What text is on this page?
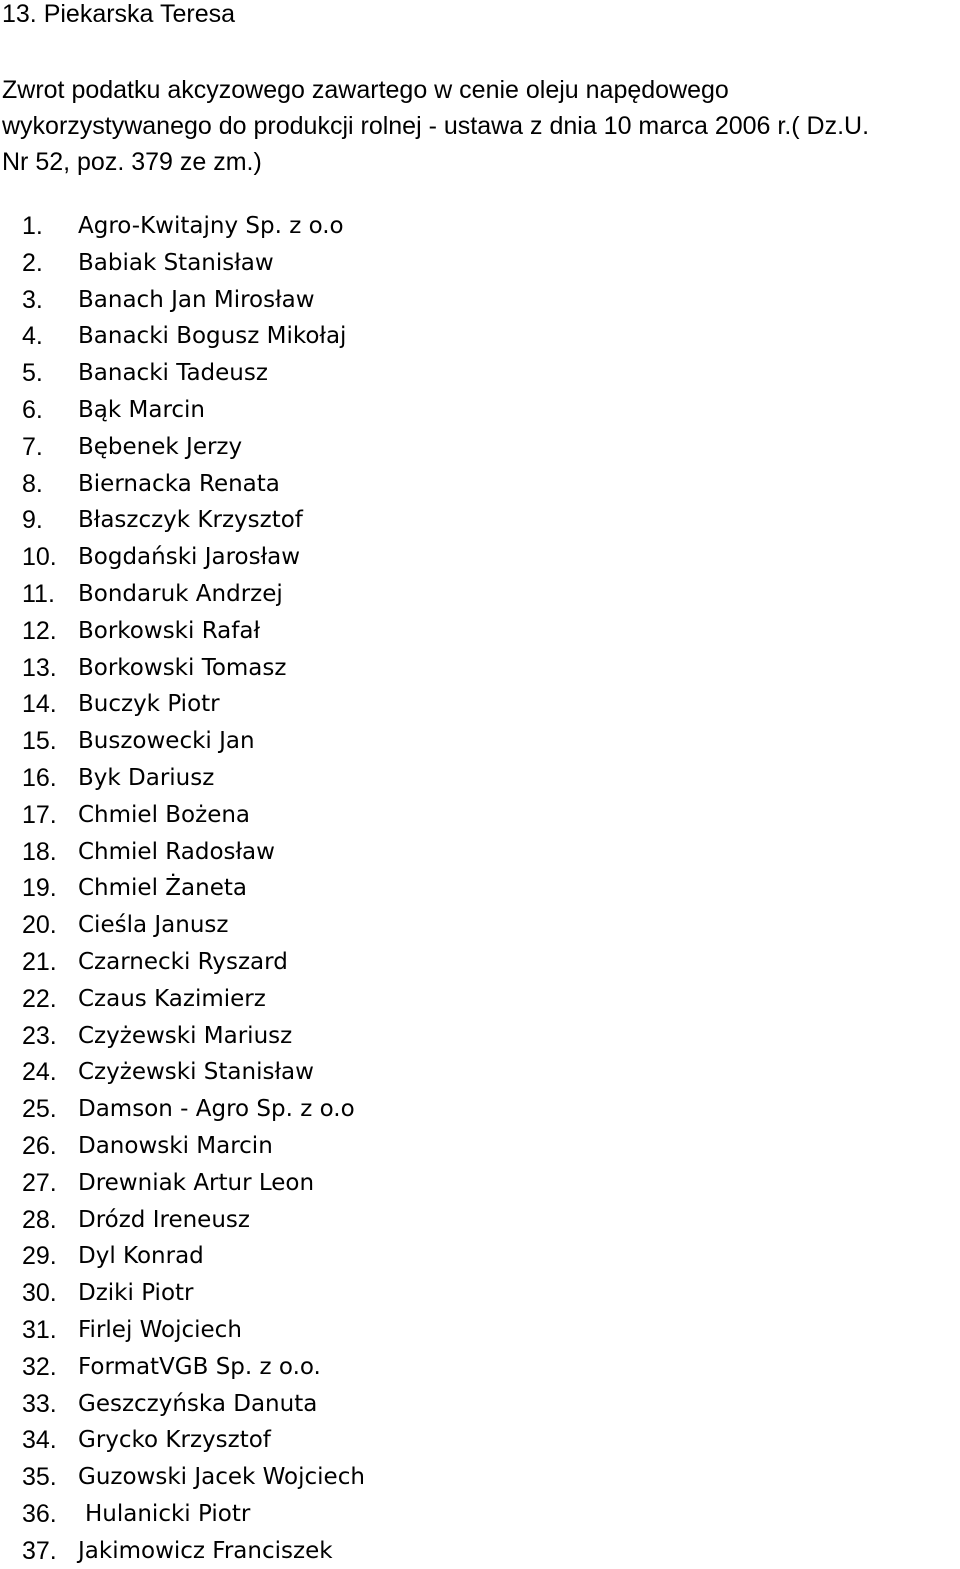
13. Piekarska Teresa
Zwrot podatku akcyzowego zawartego w cenie oleju napędowego
wykorzystywanego do produkcji rolnej - ustawa z dnia 10 marca 2006 r.( Dz.U.
Nr 52, poz. 379 ze zm.)
1. Agro-Kwitajny Sp. z o.o
2. Babiak Stanisław
3. Banach Jan Mirosław
4. Banacki Bogusz Mikołaj
5. Banacki Tadeusz
6. Bąk Marcin
7. Bębenek Jerzy
8. Biernacka Renata
9. Błaszczyk Krzysztof
10. Bogdański Jarosław
11. Bondaruk Andrzej
12. Borkowski Rafał
13. Borkowski Tomasz
14. Buczyk Piotr
15. Buszowecki Jan
16. Byk Dariusz
17. Chmiel Bożena
18. Chmiel Radosław
19. Chmiel Żaneta
20. Cieśla Janusz
21. Czarnecki Ryszard
22. Czaus Kazimierz
23. Czyżewski Mariusz
24. Czyżewski Stanisław
25. Damson - Agro Sp. z o.o
26. Danowski Marcin
27. Drewniak Artur Leon
28. Drózd Ireneusz
29. Dyl Konrad
30. Dziki Piotr
31. Firlej Wojciech
32. FormatVGB Sp. z o.o.
33. Geszczyńska Danuta
34. Grycko Krzysztof
35. Guzowski Jacek Wojciech
36. Hulanicki Piotr
37. Jakimowicz Franciszek
